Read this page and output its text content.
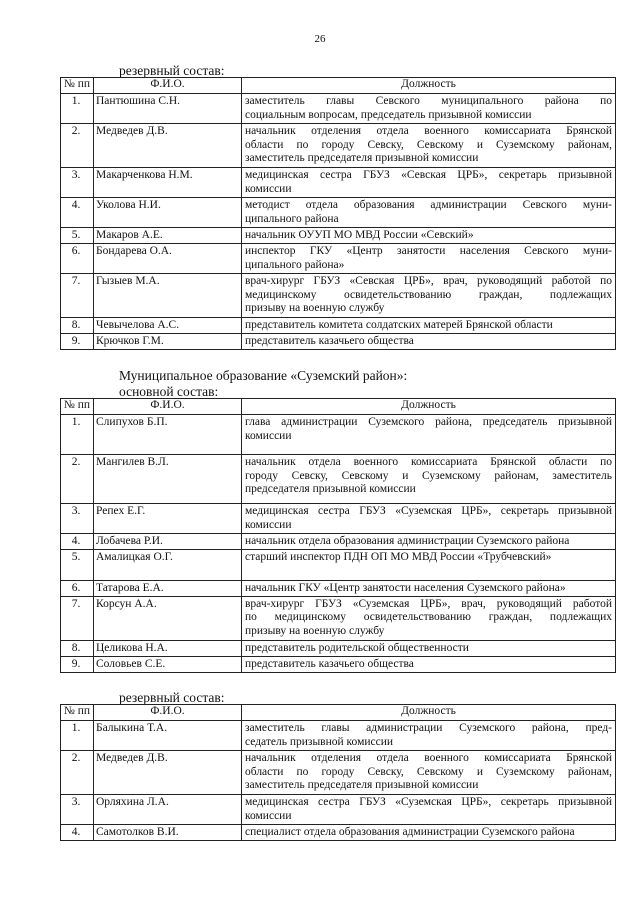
26
резервный состав:
№ пп	Ф.И.О.	Должность
1.	Пантюшина С.Н.	заместитель главы Севского муниципального района по
социальным вопросам, председатель призывной комиссии

2.	Медведев Д.В.	начальник отделения отдела военного комиссариата Брянской
области по городу Севску, Севскому и Суземскому районам,
заместитель председателя призывной комиссии

3.	Макарченкова Н.М.	медицинская сестра ГБУЗ «Севская ЦРБ», секретарь призывной
комиссии

4.	Уколова Н.И.	методист отдела образования администрации Севского муни-
ципального района

5.	Макаров А.Е.	начальник ОУУП МО МВД России «Севский»

6.	Бондарева О.А.	инспектор ГКУ «Центр занятости населения Севского муни-
ципального района»

7.	Гызыев М.А.	врач-хирург ГБУЗ «Севская ЦРБ», врач, руководящий работой по
медицинскому освидетельствованию граждан, подлежащих
призыву на военную службу

8.	Чевычелова А.С.	представитель комитета солдатских матерей Брянской области

9.	Крючков Г.М.	представитель казачьего общества
Муниципальное образование «Суземский район»:
основной состав:
№ пп	Ф.И.О.	Должность
1.	Слипухов Б.П.	глава администрации Суземского района, председатель призывной
комиссии

2.	Мангилев В.Л.	начальник отдела военного комиссариата Брянской области по
городу Севску, Севскому и Суземскому районам, заместитель
председателя призывной комиссии

3.	Репех Е.Г.	медицинская сестра ГБУЗ «Суземская ЦРБ», секретарь призывной
комиссии

4.	Лобачева Р.И.	начальник отдела образования администрации Суземского района

5.	Амалицкая О.Г.	старший инспектор ПДН ОП МО МВД России «Трубчевский»

6.	Татарова Е.А.	начальник ГКУ «Центр занятости населения Суземского района»

7.	Корсун А.А.	врач-хирург ГБУЗ «Суземская ЦРБ», врач, руководящий работой
по медицинскому освидетельствованию граждан, подлежащих
призыву на военную службу

8.	Целикова Н.А.	представитель родительской общественности

9.	Соловьев С.Е.	представитель казачьего общества
резервный состав:
№ пп	Ф.И.О.	Должность
1.	Балыкина Т.А.	заместитель главы администрации Суземского района, пред-
седатель призывной комиссии

2.	Медведев Д.В.	начальник отделения отдела военного комиссариата Брянской
области по городу Севску, Севскому и Суземскому районам,
заместитель председателя призывной комиссии

3.	Орляхина Л.А.	медицинская сестра ГБУЗ «Суземская ЦРБ», секретарь призывной
комиссии

4.	Самотолков В.И.	специалист отдела образования администрации Суземского района
